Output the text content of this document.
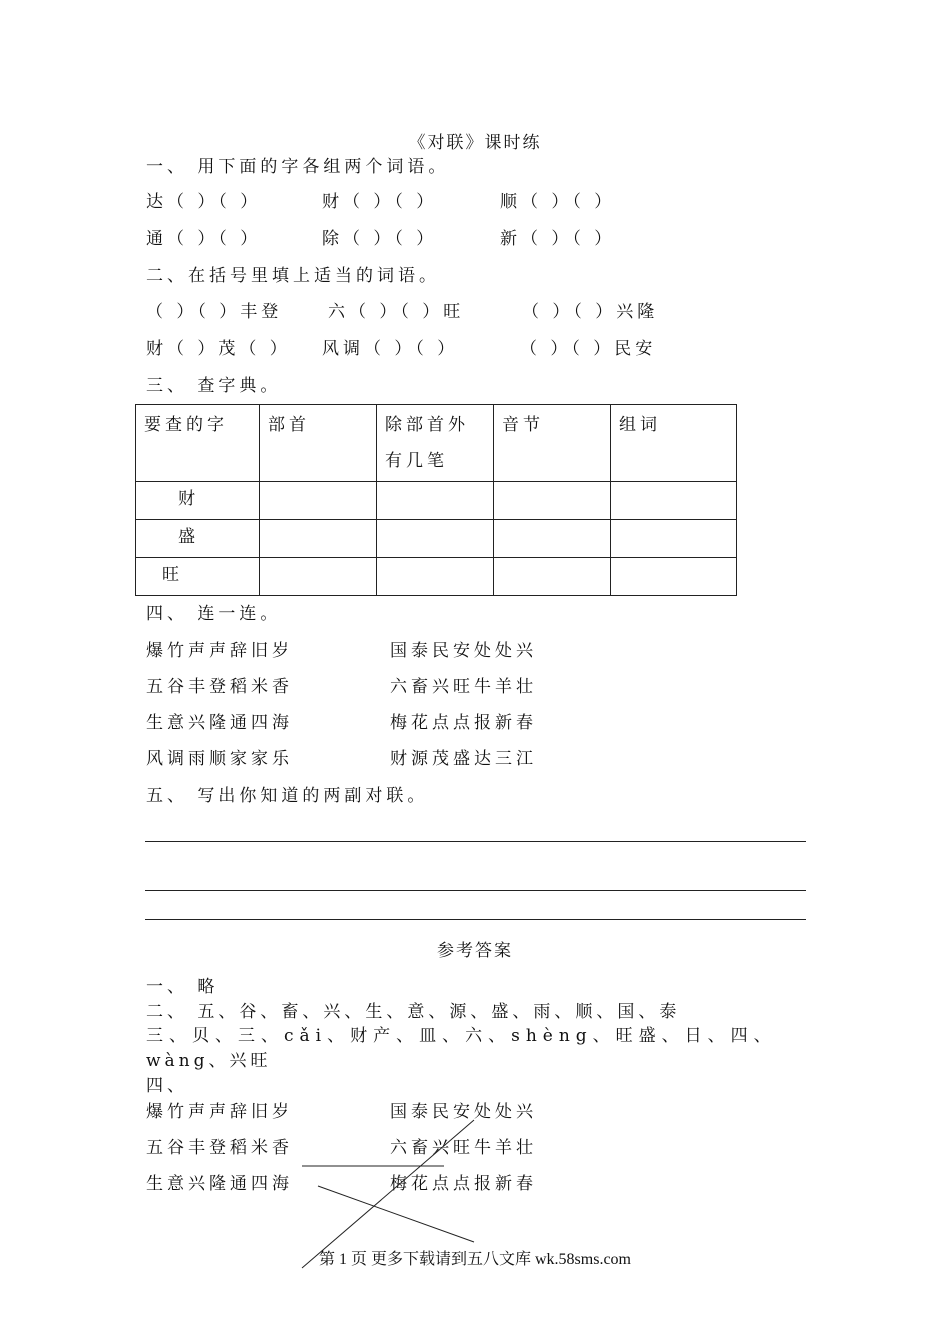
《对联》课时练
一、 用下面的字各组两个词语。
达（ ）（ ）	财（ ）（ ）	顺（ ）（ ）
通（ ）（ ）	除（ ）（ ）	新（ ）（ ）
二、在括号里填上适当的词语。
（ ）（ ）丰登	六（ ）（ ）旺	（ ）（ ）兴隆
财（ ）茂（ ） 风调（ ）（ ）	（ ）（ ）民安
三、 查字典。
要查的字	部首	除部首外有几笔	音节	组词
财				
盛				
旺				
四、 连一连。
爆竹声声辞旧岁	国泰民安处处兴
五谷丰登稻米香	六畜兴旺牛羊壮
生意兴隆通四海	梅花点点报新春
风调雨顺家家乐	财源茂盛达三江
五、 写出你知道的两副对联。
参考答案
一、 略
二、 五、谷、畜、兴、生、意、源、盛、雨、顺、国、泰
三、贝、三、cǎi、财产、皿、六、shèng、旺盛、日、四、
wàng、兴旺
四、
爆竹声声辞旧岁	国泰民安处处兴
五谷丰登稻米香	六畜兴旺牛羊壮
生意兴隆通四海	梅花点点报新春
第 1 页 更多下载请到五八文库 wk.58sms.com
